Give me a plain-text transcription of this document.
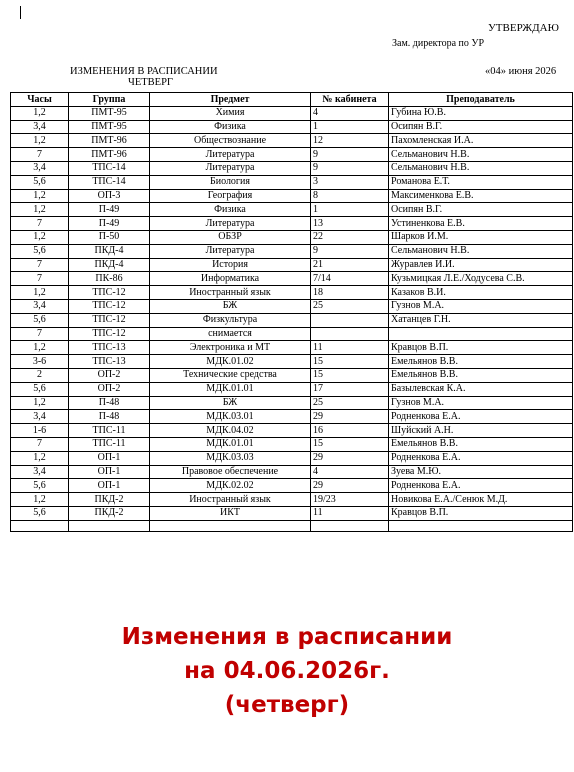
УТВЕРЖДАЮ
Зам. директора по УР
ИЗМЕНЕНИЯ В РАСПИСАНИИ
ЧЕТВЕРГ
«04» июня 2026
Часы	Группа	Предмет	№ кабинета	Преподаватель
1,2	ПМТ-95	Химия	4	Губина Ю.В.
3,4	ПМТ-95	Физика	1	Осипян В.Г.
1,2	ПМТ-96	Обществознание	12	Пахомленская И.А.
7	ПМТ-96	Литература	9	Сельманович Н.В.
3,4	ТПС-14	Литература	9	Сельманович Н.В.
5,6	ТПС-14	Биология	3	Романова Е.Т.
1,2	ОП-3	География	8	Максименкова Е.В.
1,2	П-49	Физика	1	Осипян В.Г.
7	П-49	Литература	13	Устиненкова Е.В.
1,2	П-50	ОБЗР	22	Шарков И.М.
5,6	ПКД-4	Литература	9	Сельманович Н.В.
7	ПКД-4	История	21	Журавлев И.И.
7	ПК-86	Информатика	7/14	Кузьмицкая Л.Е./Ходусева С.В.
1,2	ТПС-12	Иностранный язык	18	Казаков В.И.
3,4	ТПС-12	БЖ	25	Гузнов М.А.
5,6	ТПС-12	Физкультура		Хатанцев Г.Н.
7	ТПС-12	снимается		
1,2	ТПС-13	Электроника и МТ	11	Кравцов В.П.
3-6	ТПС-13	МДК.01.02	15	Емельянов В.В.
2	ОП-2	Технические средства	15	Емельянов В.В.
5,6	ОП-2	МДК.01.01	17	Базылевская К.А.
1,2	П-48	БЖ	25	Гузнов М.А.
3,4	П-48	МДК.03.01	29	Родненкова Е.А.
1-6	ТПС-11	МДК.04.02	16	Шуйский А.Н.
7	ТПС-11	МДК.01.01	15	Емельянов В.В.
1,2	ОП-1	МДК.03.03	29	Родненкова Е.А.
3,4	ОП-1	Правовое обеспечение	4	Зуева М.Ю.
5,6	ОП-1	МДК.02.02	29	Родненкова Е.А.
1,2	ПКД-2	Иностранный язык	19/23	Новикова Е.А./Сенюк М.Д.
5,6	ПКД-2	ИКТ	11	Кравцов В.П.

Изменения в расписании
на 04.06.2026г.
(четверг)
